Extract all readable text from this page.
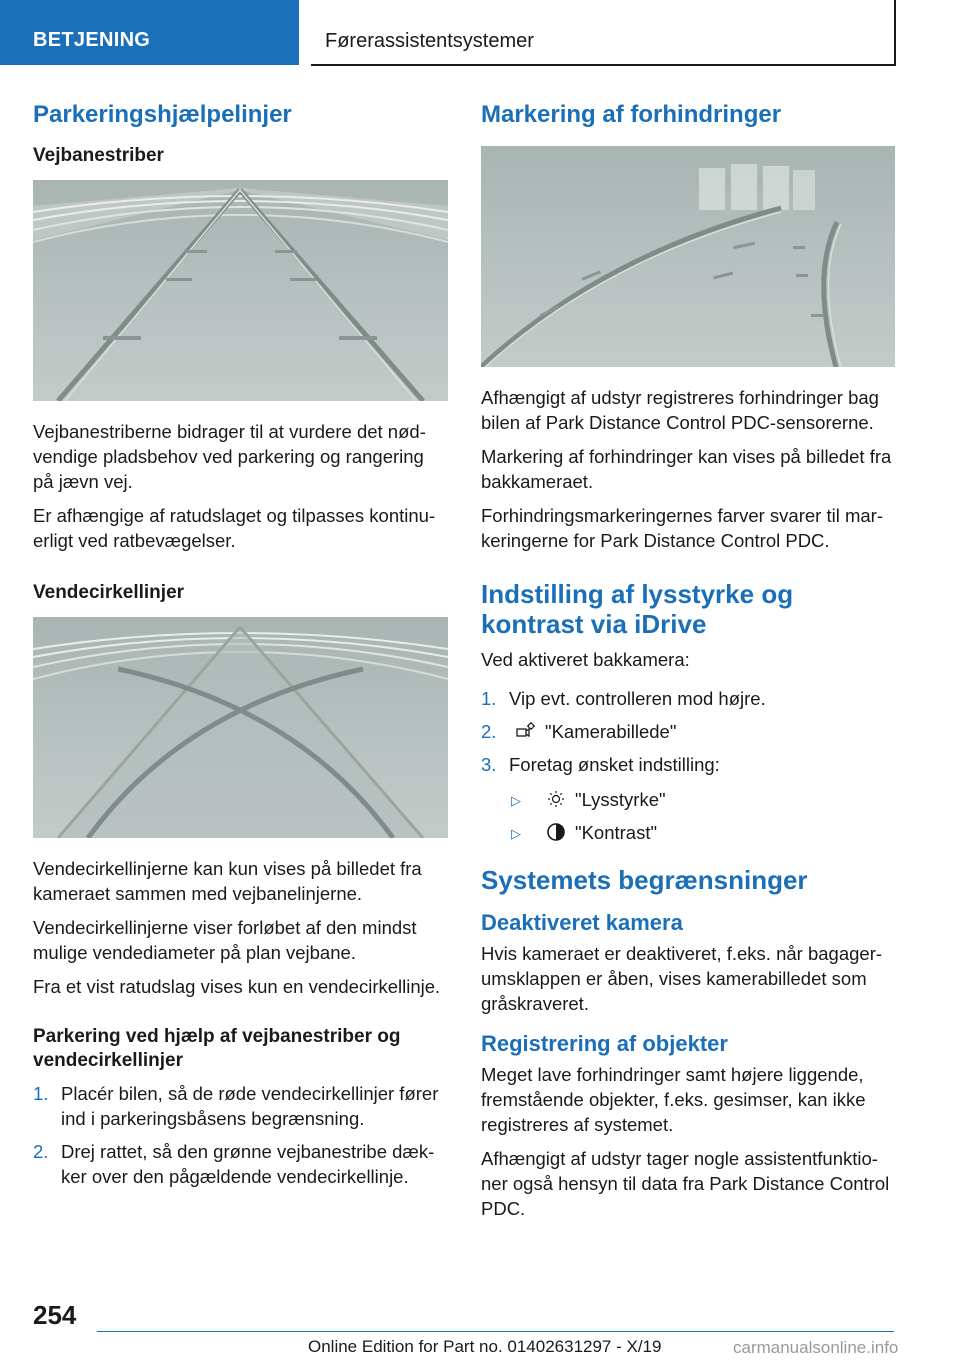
BETJENING	Førerassistentsystemer
Parkeringshjælpelinjer
Vejbanestriber

Vejbanestriberne bidrager til at vurdere det nødvendige pladsbehov ved parkering og rangering på jævn vej.

Er afhængige af ratudslaget og tilpasses kontinuerligt ved ratbevægelser.

Vendecirkellinjer

Vendecirkellinjerne kan kun vises på billedet fra kameraet sammen med vejbanelinjerne.

Vendecirkellinjerne viser forløbet af den mindst mulige vendediameter på plan vejbane.

Fra et vist ratudslag vises kun en vendecirkellinje.

Parkering ved hjælp af vejbanestriber og vendecirkellinjer
1. Placér bilen, så de røde vendecirkellinjer fører ind i parkeringsbåsens begrænsning.
2. Drej rattet, så den grønne vejbanestribe dækker over den pågældende vendecirkellinje.
Markering af forhindringer

Afhængigt af udstyr registreres forhindringer bag bilen af Park Distance Control PDC-sensorerne.

Markering af forhindringer kan vises på billedet fra bakkameraet.

Forhindringsmarkeringernes farver svarer til markeringerne for Park Distance Control PDC.

Indstilling af lysstyrke og kontrast via iDrive

Ved aktiveret bakkamera:

1. Vip evt. controlleren mod højre.
2.	"Kamerabillede"
3. Foretag ønsket indstilling:
▷	"Lysstyrke"
▷	"Kontrast"
Systemets begrænsninger
Deaktiveret kamera

Hvis kameraet er deaktiveret, f.eks. når bagagerumsklappen er åben, vises kamerabilledet som gråskraveret.

Registrering af objekter

Meget lave forhindringer samt højere liggende, fremstående objekter, f.eks. gesimser, kan ikke registreres af systemet.

Afhængigt af udstyr tager nogle assistentfunktioner også hensyn til data fra Park Distance Control PDC.

254
Online Edition for Part no. 01402631297 - X/19	carmanualsonline.info
